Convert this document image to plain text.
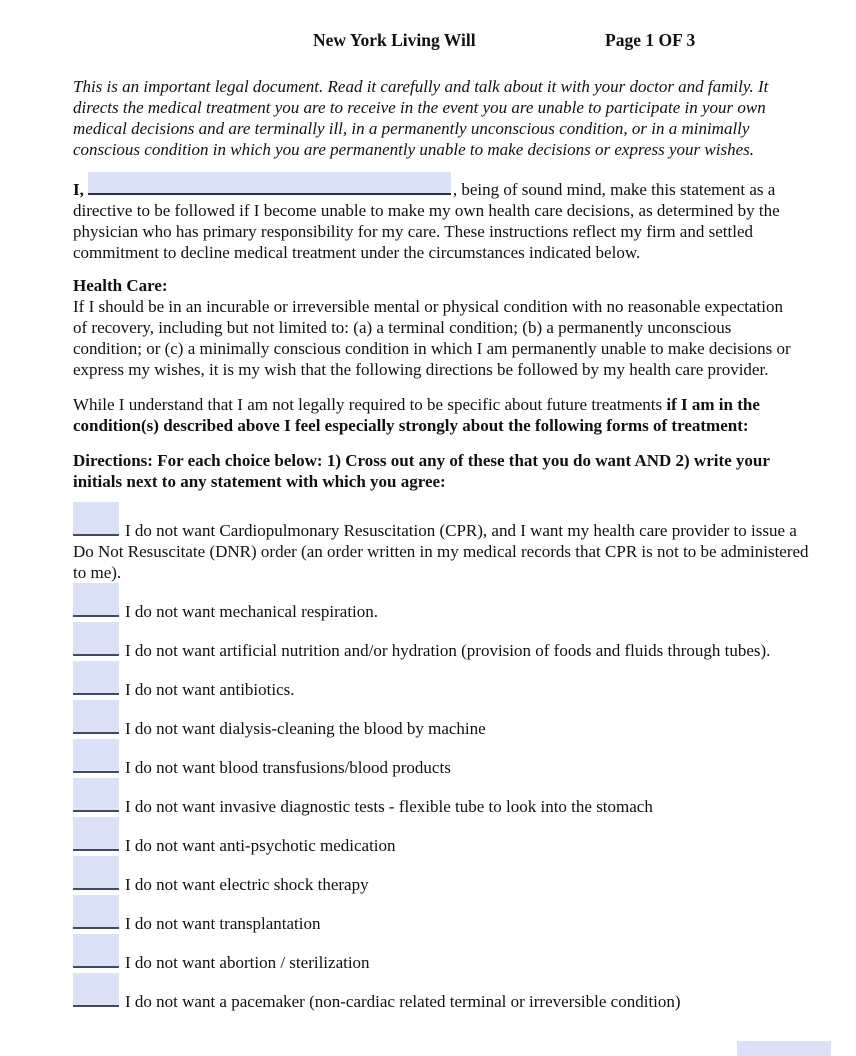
New York Living Will	Page 1 OF 3

This is an important legal document. Read it carefully and talk about it with your doctor and family. It directs the medical treatment you are to receive in the event you are unable to participate in your own medical decisions and are terminally ill, in a permanently unconscious condition, or in a minimally conscious condition in which you are permanently unable to make decisions or express your wishes.

I,	, being of sound mind, make this statement as a directive to be followed if I become unable to make my own health care decisions, as determined by the physician who has primary responsibility for my care. These instructions reflect my firm and settled commitment to decline medical treatment under the circumstances indicated below.

Health Care:

If I should be in an incurable or irreversible mental or physical condition with no reasonable expectation of recovery, including but not limited to: (a) a terminal condition; (b) a permanently unconscious condition; or (c) a minimally conscious condition in which I am permanently unable to make decisions or express my wishes, it is my wish that the following directions be followed by my health care provider.

While I understand that I am not legally required to be specific about future treatments if I am in the condition(s) described above I feel especially strongly about the following forms of treatment:

Directions: For each choice below: 1) Cross out any of these that you do want AND 2) write your initials next to any statement with which you agree:

I do not want Cardiopulmonary Resuscitation (CPR), and I want my health care provider to issue a Do Not Resuscitate (DNR) order (an order written in my medical records that CPR is not to be administered to me).

I do not want mechanical respiration.

I do not want artificial nutrition and/or hydration (provision of foods and fluids through tubes).

I do not want antibiotics.

I do not want dialysis-cleaning the blood by machine

I do not want blood transfusions/blood products

I do not want invasive diagnostic tests - flexible tube to look into the stomach

I do not want anti-psychotic medication

I do not want electric shock therapy

I do not want transplantation

I do not want abortion / sterilization

I do not want a pacemaker (non-cardiac related terminal or irreversible condition)
